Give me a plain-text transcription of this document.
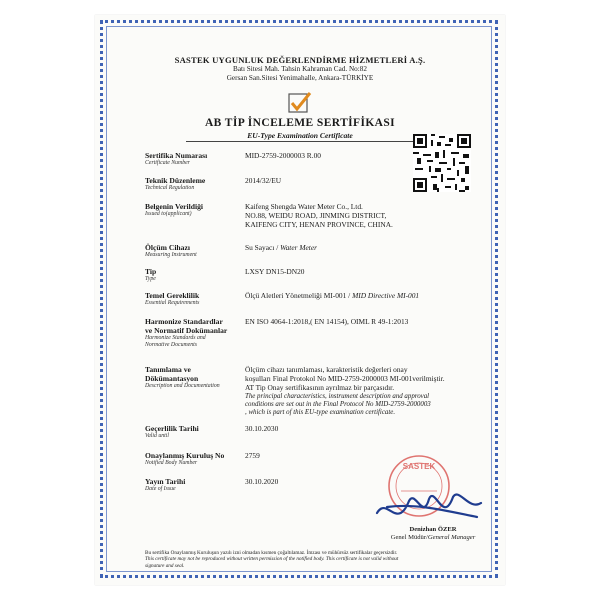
SASTEK UYGUNLUK DEĞERLENDİRME HİZMETLERİ A.Ş.
Batı Sitesi Mah. Tahsin Kahraman Cad. No:82
Gersan San.Sitesi Yenimahalle, Ankara-TÜRKİYE
AB TİP İNCELEME SERTİFİKASI
EU-Type Examination Certificate
Sertifika Numarası
Certificate Number
MID-2759-2000003 R.00
Teknik Düzenleme
Technical Regulation
2014/32/EU
Belgenin Verildiği
Issued to(applicant)
Kaifeng Shengda Water Meter Co., Ltd.
NO.88, WEIDU ROAD, JINMING DISTRICT,
KAIFENG CITY, HENAN PROVINCE, CHINA.
Ölçüm Cihazı
Measuring Instrument
Su Sayacı / Water Meter
Tip
Type
LXSY DN15-DN20
Temel Gereklilik
Essential Requirements
Ölçü Aletleri Yönetmeliği MI-001 / MID Directive MI-001
Harmonize Standardlar
ve Normatif Dokümanlar
Harmonize Standards and
Normative Documents
EN ISO 4064-1:2018,( EN 14154), OIML R 49-1:2013
Tanımlama ve
Dökümantasyon
Description and Documentation
Ölçüm cihazı tanımlaması, karakteristik değerleri onay
koşulları Final Protokol No MID-2759-2000003 MI-001verilmiştir.
AT Tip Onay sertifikasının ayrılmaz bir parçasıdır.
The principal characteristics, instrument description and approval
conditions are set out in the Final Protocol No MID-2759-2000003
, which is part of this EU-type examination certificate.
Geçerlilik Tarihi
Valid until
30.10.2030
Onaylanmış Kuruluş No
Notified Body Number
2759
Yayın Tarihi
Date of Issue
30.10.2020
SASTEK
Denizhan ÖZER
Genel Müdür/General Manager
Bu sertifika Onaylanmış Kuruluşun yazılı izni olmadan kısmen çoğaltılamaz. İmzası ve mühürsüz sertifikalar geçersizdir.
This certificate may not be reproduced without written permission of the notified body. This certificate is not valid without
signature and seal.
